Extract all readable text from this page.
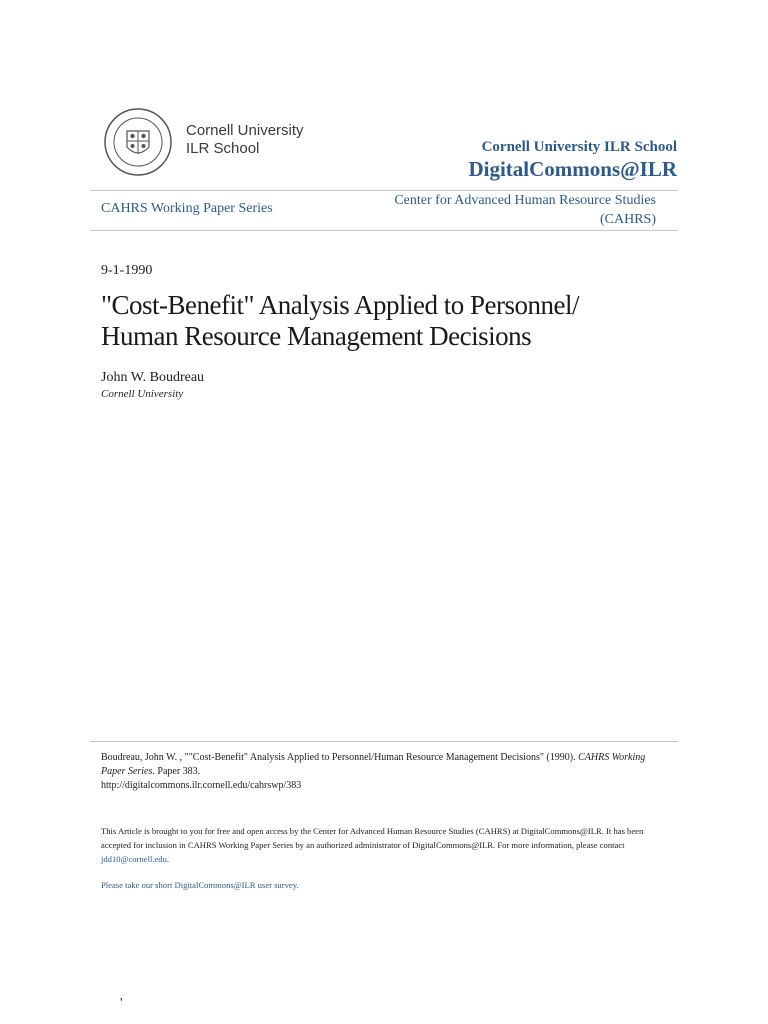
Cornell University
ILR School	Cornell University ILR School
DigitalCommons@ILR
CAHRS Working Paper Series
Center for Advanced Human Resource Studies
(CAHRS)
9-1-1990
"Cost-Benefit" Analysis Applied to Personnel/
Human Resource Management Decisions
John W. Boudreau
Cornell University
Boudreau, John W. , ""Cost-Benefit" Analysis Applied to Personnel/Human Resource Management Decisions" (1990). CAHRS Working Paper Series. Paper 383.
http://digitalcommons.ilr.cornell.edu/cahrswp/383
This Article is brought to you for free and open access by the Center for Advanced Human Resource Studies (CAHRS) at DigitalCommons@ILR. It has been accepted for inclusion in CAHRS Working Paper Series by an authorized administrator of DigitalCommons@ILR. For more information, please contact jdd10@cornell.edu.
Please take our short DigitalCommons@ILR user survey.
'
